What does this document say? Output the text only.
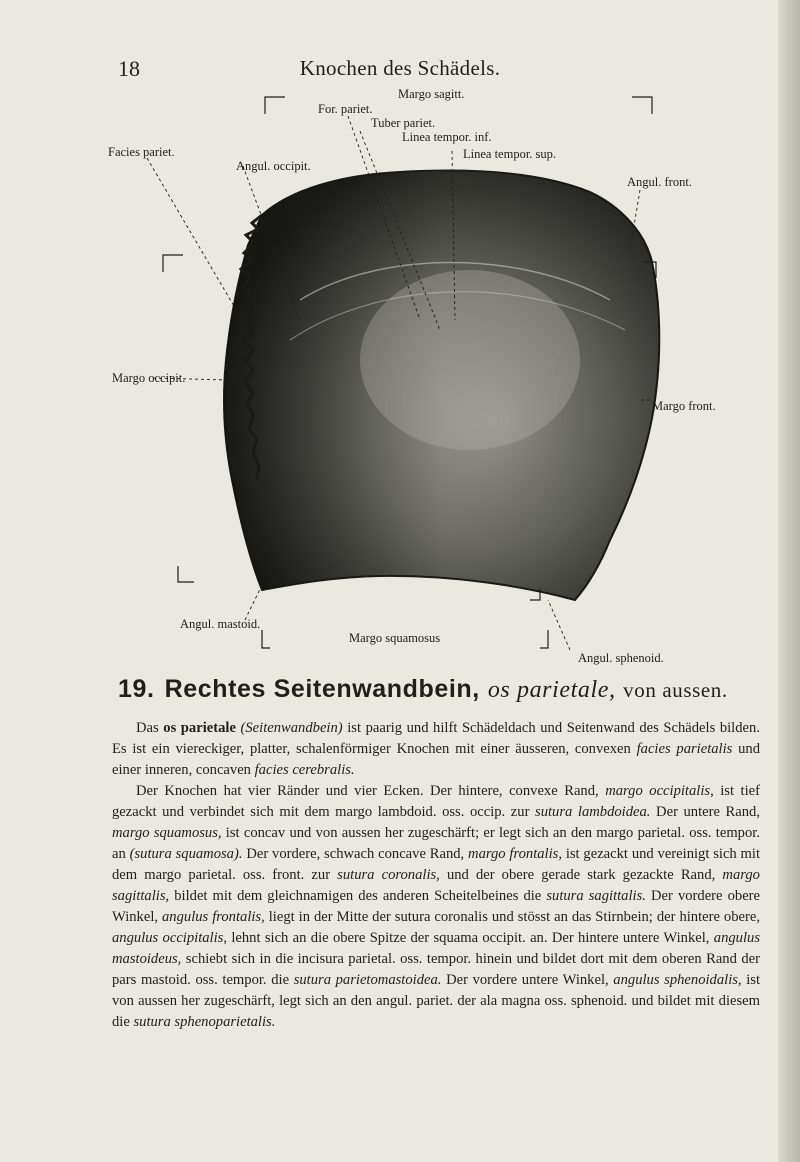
18	Knochen des Schädels.
Margo sagitt.
For. pariet.
Tuber pariet.
Linea tempor. inf.
Facies pariet.	Linea tempor. sup.
Angul. occipit.
Angul. front.
Margo occipit.
Margo front.
Angul. mastoid.
Margo squamosus
Angul. sphenoid.
19. Rechtes Seitenwandbein, os parietale, von aussen.

Das os parietale (Seitenwandbein) ist paarig und hilft Schädeldach und Seitenwand des Schädels bilden. Es ist ein viereckiger, platter, schalenförmiger Knochen mit einer äusseren, convexen facies parietalis und einer inneren, concaven facies cerebralis.

Der Knochen hat vier Ränder und vier Ecken. Der hintere, convexe Rand, margo occipitalis, ist tief gezackt und verbindet sich mit dem margo lambdoid. oss. occip. zur sutura lambdoidea. Der untere Rand, margo squamosus, ist concav und von aussen her zugeschärft; er legt sich an den margo parietal. oss. tempor. an (sutura squamosa). Der vordere, schwach concave Rand, margo frontalis, ist gezackt und vereinigt sich mit dem margo parietal. oss. front. zur sutura coronalis, und der obere gerade stark gezackte Rand, margo sagittalis, bildet mit dem gleichnamigen des anderen Scheitelbeines die sutura sagittalis. Der vordere obere Winkel, angulus frontalis, liegt in der Mitte der sutura coronalis und stösst an das Stirnbein; der hintere obere, angulus occipitalis, lehnt sich an die obere Spitze der squama occipit. an. Der hintere untere Winkel, angulus mastoideus, schiebt sich in die incisura parietal. oss. tempor. hinein und bildet dort mit dem oberen Rand der pars mastoid. oss. tempor. die sutura parietomastoidea. Der vordere untere Winkel, angulus sphenoidalis, ist von aussen her zugeschärft, legt sich an den angul. pariet. der ala magna oss. sphenoid. und bildet mit diesem die sutura sphenoparietalis.
